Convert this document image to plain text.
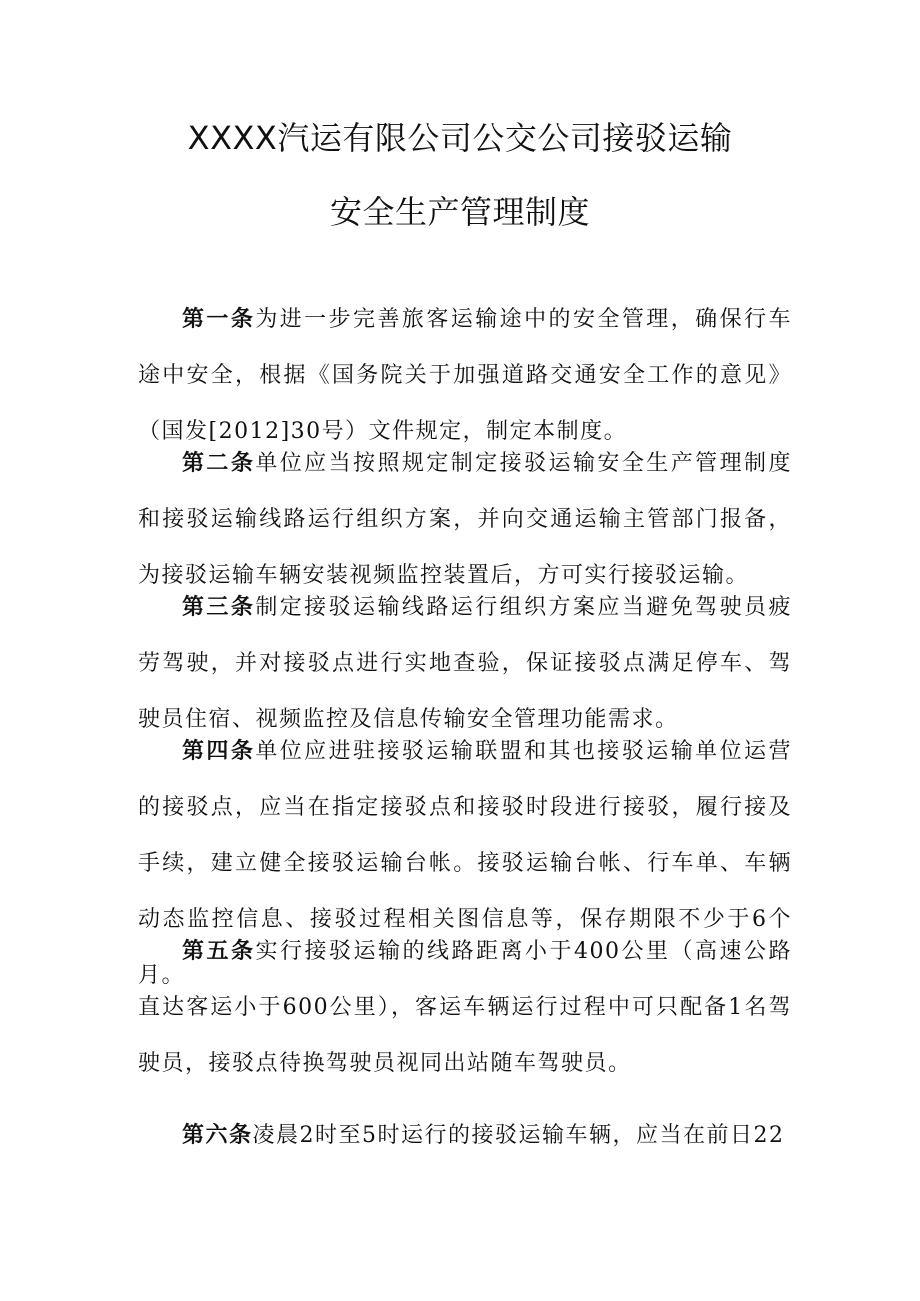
XXXX汽运有限公司公交公司接驳运输
安全生产管理制度

第一条为进一步完善旅客运输途中的安全管理，确保行车途中安全，根据《国务院关于加强道路交通安全工作的意见》（国发[2012]30号）文件规定，制定本制度。

第二条单位应当按照规定制定接驳运输安全生产管理制度和接驳运输线路运行组织方案，并向交通运输主管部门报备，为接驳运输车辆安装视频监控装置后，方可实行接驳运输。

第三条制定接驳运输线路运行组织方案应当避免驾驶员疲劳驾驶，并对接驳点进行实地查验，保证接驳点满足停车、驾驶员住宿、视频监控及信息传输安全管理功能需求。

第四条单位应进驻接驳运输联盟和其也接驳运输单位运营的接驳点，应当在指定接驳点和接驳时段进行接驳，履行接及手续，建立健全接驳运输台帐。接驳运输台帐、行车单、车辆动态监控信息、接驳过程相关图信息等，保存期限不少于6个月。

第五条实行接驳运输的线路距离小于400公里（高速公路直达客运小于600公里），客运车辆运行过程中可只配备1名驾驶员，接驳点待换驾驶员视同出站随车驾驶员。

第六条凌晨2时至5时运行的接驳运输车辆，应当在前日22
